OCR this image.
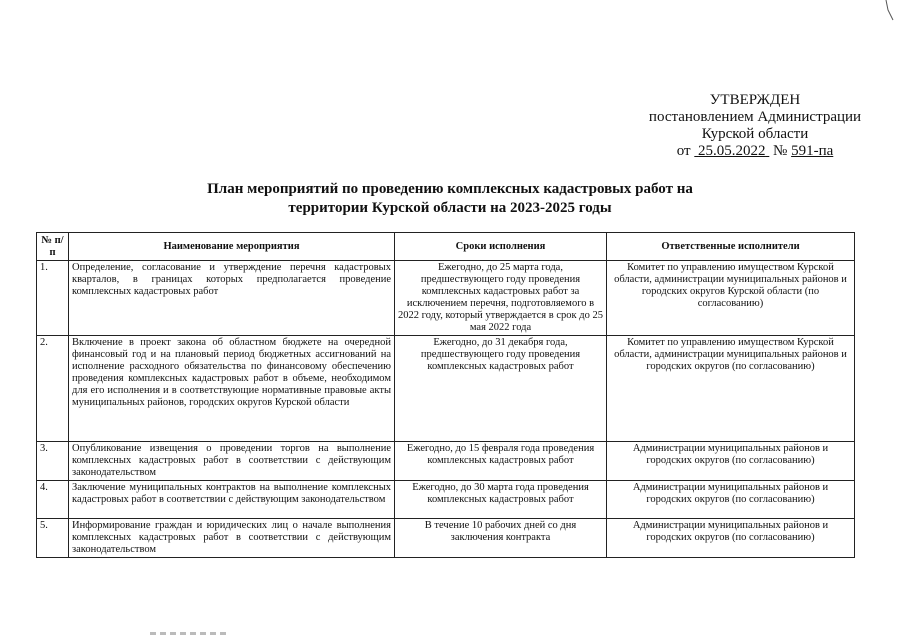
УТВЕРЖДЕН
постановлением Администрации
Курской области
от 25.05.2022 № 591-па
План мероприятий по проведению комплексных кадастровых работ на
территории Курской области на 2023-2025 годы
№ п/п	Наименование мероприятия	Сроки исполнения	Ответственные исполнители
1.	Определение, согласование и утверждение перечня кадастровых кварталов, в границах которых предполагается проведение комплексных кадастровых работ	Ежегодно, до 25 марта года, предшествующего году проведения комплексных кадастровых работ за исключением перечня, подготовляемого в 2022 году, который утверждается в срок до 25 мая 2022 года	Комитет по управлению имуществом Курской области, администрации муниципальных районов и городских округов Курской области (по согласованию)
2.	Включение в проект закона об областном бюджете на очередной финансовый год и на плановый период бюджетных ассигнований на исполнение расходного обязательства по финансовому обеспечению проведения комплексных кадастровых работ в объеме, необходимом для его исполнения и в соответствующие нормативные правовые акты муниципальных районов, городских округов Курской области	Ежегодно, до 31 декабря года, предшествующего году проведения комплексных кадастровых работ	Комитет по управлению имуществом Курской области, администрации муниципальных районов и городских округов (по согласованию)
3.	Опубликование извещения о проведении торгов на выполнение комплексных кадастровых работ в соответствии с действующим законодательством	Ежегодно, до 15 февраля года проведения комплексных кадастровых работ	Администрации муниципальных районов и городских округов (по согласованию)
4.	Заключение муниципальных контрактов на выполнение комплексных кадастровых работ в соответствии с действующим законодательством	Ежегодно, до 30 марта года проведения комплексных кадастровых работ	Администрации муниципальных районов и городских округов (по согласованию)
5.	Информирование граждан и юридических лиц о начале выполнения комплексных кадастровых работ в соответствии с действующим законодательством	В течение 10 рабочих дней со дня заключения контракта	Администрации муниципальных районов и городских округов (по согласованию)
